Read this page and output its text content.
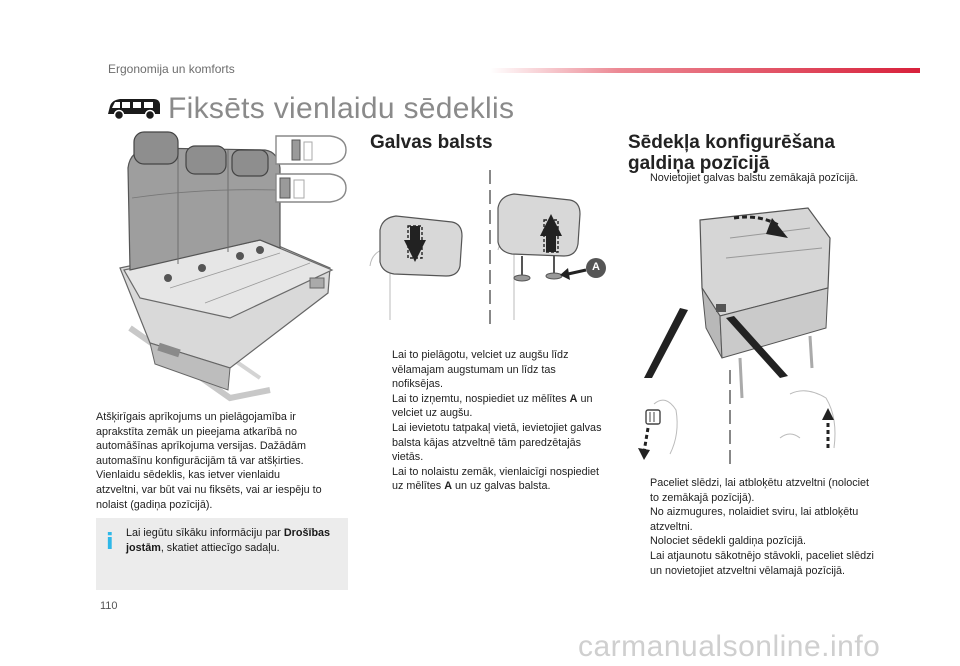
Ergonomija un komforts
Fiksēts vienlaidu sēdeklis
Atšķirīgais aprīkojums un pielāgojamība ir
aprakstīta zemāk un pieejama atkarībā no
automāšīnas aprīkojuma versijas. Dažādām
automašīnu konfigurācijām tā var atšķirties.
Vienlaidu sēdeklis, kas ietver vienlaidu
atzveltni, var būt vai nu fiksēts, vai ar iespēju to
nolaist (gadiņa pozīcijā).
i Lai iegūtu sīkāku informāciju par Drošības jostām, skatiet attiecīgo sadaļu.
Galvas balsts
A
Lai to pielāgotu, velciet uz augšu līdz vēlamajam augstumam un līdz tas nofiksējas.
Lai to izņemtu, nospiediet uz mēlītes A un velciet uz augšu.
Lai ievietotu tatpakaļ vietā, ievietojiet galvas balsta kājas atzveltnē tām paredzētajās vietās.
Lai to nolaistu zemāk, vienlaicīgi nospiediet uz mēlītes A un uz galvas balsta.
Sēdekļa konfigurēšana
galdiņa pozīcijā
Novietojiet galvas balstu zemākajā pozīcijā.
Paceliet slēdzi, lai atbloķētu atzveltni (nolociet to zemākajā pozīcijā).
No aizmugures, nolaidiet sviru, lai atbloķētu atzveltni.
Nolociet sēdekli galdiņa pozīcijā.
Lai atjaunotu sākotnējo stāvokli, paceliet slēdzi un novietojiet atzveltni vēlamajā pozīcijā.
110
carmanualsonline.info
